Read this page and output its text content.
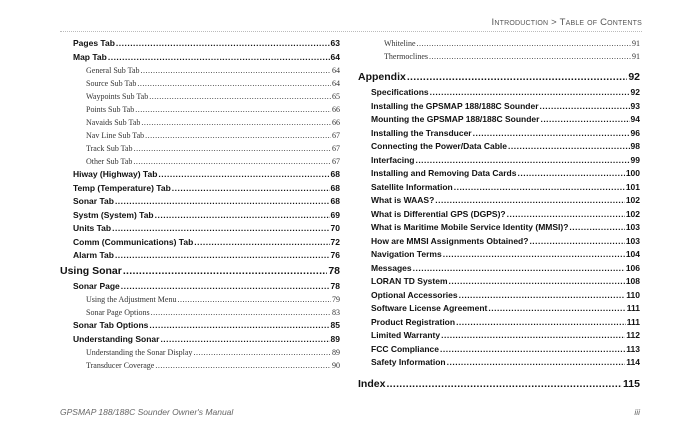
Introduction > Table of Contents
Pages Tab .....	63
Map Tab .....	64
General Sub Tab .....	64
Source Sub Tab .....	64
Waypoints Sub Tab .....	65
Points Sub Tab .....	66
Navaids Sub Tab .....	66
Nav Line Sub Tab .....	67
Track Sub Tab .....	67
Other Sub Tab .....	67
Hiway (Highway) Tab .....	68
Temp (Temperature) Tab .....	68
Sonar Tab .....	68
Systm (System) Tab .....	69
Units Tab .....	70
Comm (Communications) Tab .....	72
Alarm Tab .....	76
Using Sonar .....	78
Sonar Page .....	78
Using the Adjustment Menu .....	79
Sonar Page Options .....	83
Sonar Tab Options .....	85
Understanding Sonar .....	89
Understanding the Sonar Display .....	89
Transducer Coverage .....	90
Whiteline .....	91
Thermoclines .....	91
Appendix .....	92
Specifications .....	92
Installing the GPSMAP 188/188C Sounder .....	93
Mounting the GPSMAP 188/188C Sounder .....	94
Installing the Transducer .....	96
Connecting the Power/Data Cable .....	98
Interfacing .....	99
Installing and Removing Data Cards .....	100
Satellite Information .....	101
What is WAAS? .....	102
What is Differential GPS (DGPS)? .....	102
What is Maritime Mobile Service Identity (MMSI)? .....	103
How are MMSI Assignments Obtained? .....	103
Navigation Terms .....	104
Messages .....	106
LORAN TD System .....	108
Optional Accessories .....	110
Software License Agreement .....	111
Product Registration .....	111
Limited Warranty .....	112
FCC Compliance .....	113
Safety Information .....	114
Index .....	115
GPSMAP 188/188C Sounder Owner's Manual	iii
